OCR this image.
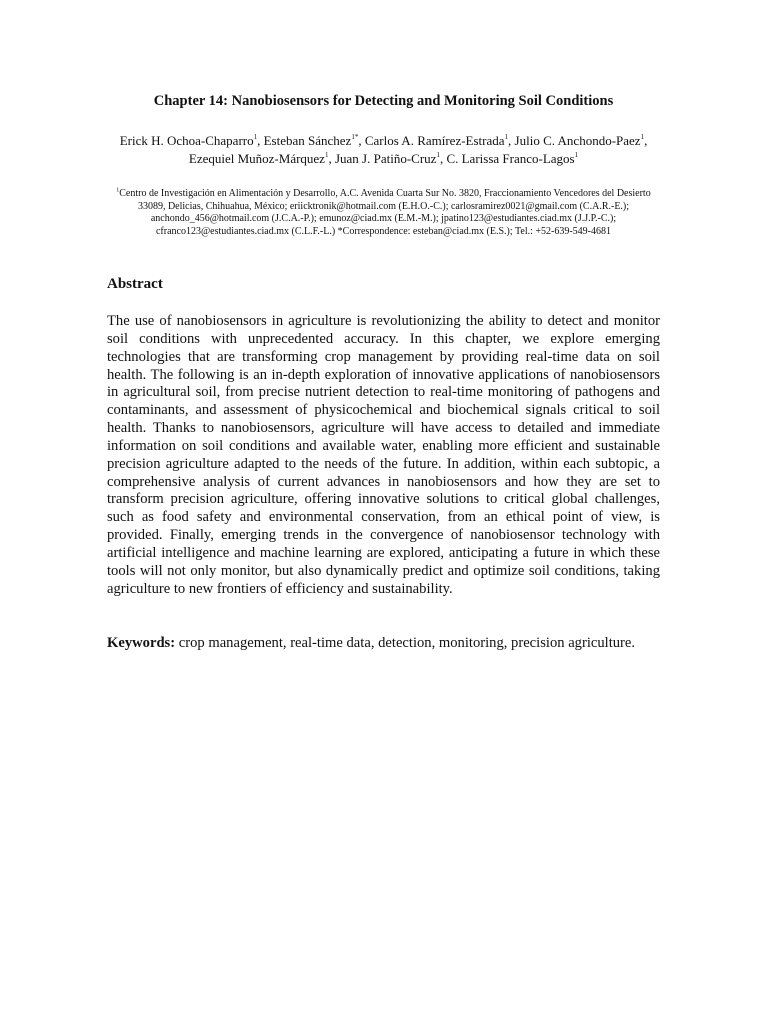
Chapter 14: Nanobiosensors for Detecting and Monitoring Soil Conditions
Erick H. Ochoa-Chaparro$^1$, Esteban Sánchez$^{1*}$, Carlos A. Ramírez-Estrada$^1$, Julio C. Anchondo-Paez$^1$,
Ezequiel Muñoz-Márquez$^1$, Juan J. Patiño-Cruz$^1$, C. Larissa Franco-Lagos$^1$
$^1$Centro de Investigación en Alimentación y Desarrollo, A.C. Avenida Cuarta Sur No. 3820, Fraccionamiento Vencedores del Desierto
33089, Delicias, Chihuahua, México; eriicktronik@hotmail.com (E.H.O.-C.); carlosramirez0021@gmail.com (C.A.R.-E.);
anchondo_456@hotmail.com (J.C.A.-P.); emunoz@ciad.mx (E.M.-M.); jpatino123@estudiantes.ciad.mx (J.J.P.-C.);
cfranco123@estudiantes.ciad.mx (C.L.F.-L.) *Correspondence: esteban@ciad.mx (E.S.); Tel.: +52-639-549-4681
Abstract
The use of nanobiosensors in agriculture is revolutionizing the ability to detect and monitor soil conditions with unprecedented accuracy. In this chapter, we explore emerging technologies that are transforming crop management by providing real-time data on soil health. The following is an in-depth exploration of innovative applications of nanobiosensors in agricultural soil, from precise nutrient detection to real-time monitoring of pathogens and contaminants, and assessment of physicochemical and biochemical signals critical to soil health. Thanks to nanobiosensors, agriculture will have access to detailed and immediate information on soil conditions and available water, enabling more efficient and sustainable precision agriculture adapted to the needs of the future. In addition, within each subtopic, a comprehensive analysis of current advances in nanobiosensors and how they are set to transform precision agriculture, offering innovative solutions to critical global challenges, such as food safety and environmental conservation, from an ethical point of view, is provided. Finally, emerging trends in the convergence of nanobiosensor technology with artificial intelligence and machine learning are explored, anticipating a future in which these tools will not only monitor, but also dynamically predict and optimize soil conditions, taking agriculture to new frontiers of efficiency and sustainability.
Keywords: crop management, real-time data, detection, monitoring, precision agriculture.
